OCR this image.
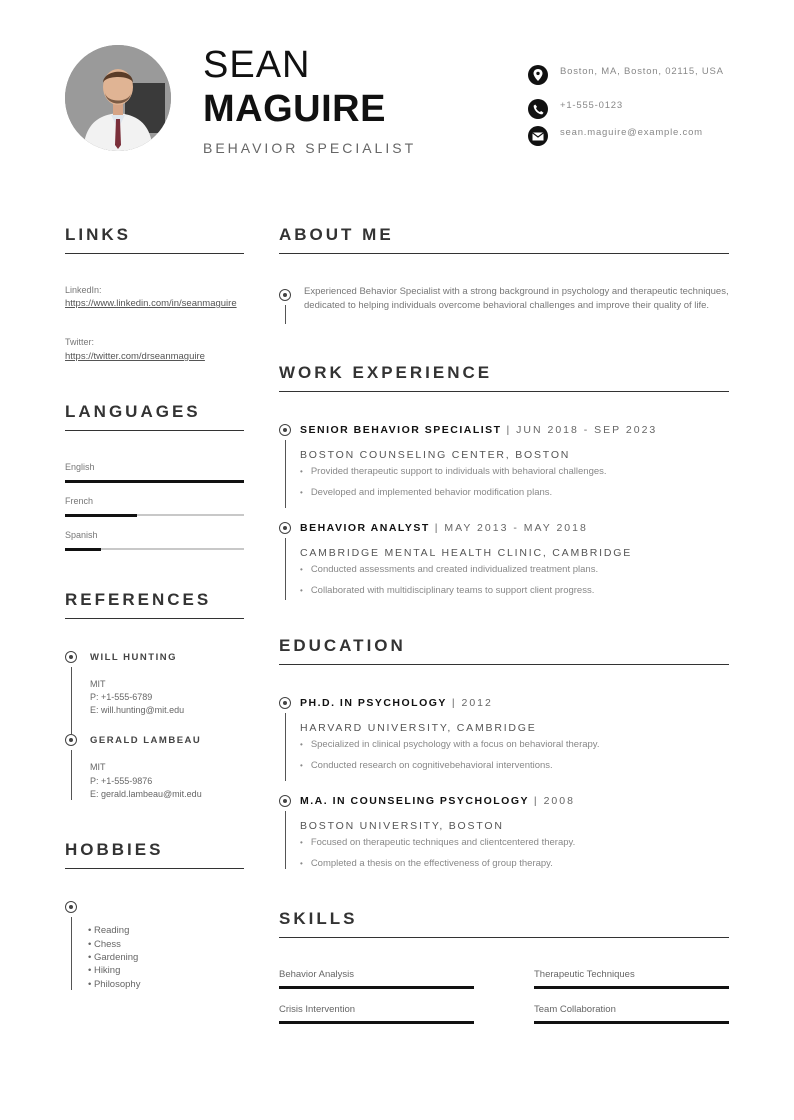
SEAN
MAGUIRE
BEHAVIOR SPECIALIST
Boston, MA, Boston, 02115, USA
+1-555-0123
sean.maguire@example.com
LINKS
LinkedIn:
https://www.linkedin.com/in/seanmaguire
Twitter:
https://twitter.com/drseanmaguire
LANGUAGES
English
French
Spanish
REFERENCES
WILL HUNTING
MIT
P: +1-555-6789
E: will.hunting@mit.edu
GERALD LAMBEAU
MIT
P: +1-555-9876
E: gerald.lambeau@mit.edu
HOBBIES
• Reading
• Chess
• Gardening
• Hiking
• Philosophy
ABOUT ME
Experienced Behavior Specialist with a strong background in psychology and therapeutic techniques, dedicated to helping individuals overcome behavioral challenges and improve their quality of life.
WORK EXPERIENCE
SENIOR BEHAVIOR SPECIALIST | JUN 2018 - SEP 2023
BOSTON COUNSELING CENTER, BOSTON
• Provided therapeutic support to individuals with behavioral challenges.
• Developed and implemented behavior modification plans.
BEHAVIOR ANALYST | MAY 2013 - MAY 2018
CAMBRIDGE MENTAL HEALTH CLINIC, CAMBRIDGE
• Conducted assessments and created individualized treatment plans.
• Collaborated with multidisciplinary teams to support client progress.
EDUCATION
PH.D. IN PSYCHOLOGY | 2012
HARVARD UNIVERSITY, CAMBRIDGE
• Specialized in clinical psychology with a focus on behavioral therapy.
• Conducted research on cognitivebehavioral interventions.
M.A. IN COUNSELING PSYCHOLOGY | 2008
BOSTON UNIVERSITY, BOSTON
• Focused on therapeutic techniques and clientcentered therapy.
• Completed a thesis on the effectiveness of group therapy.
SKILLS
Behavior Analysis	Therapeutic Techniques
Crisis Intervention	Team Collaboration
